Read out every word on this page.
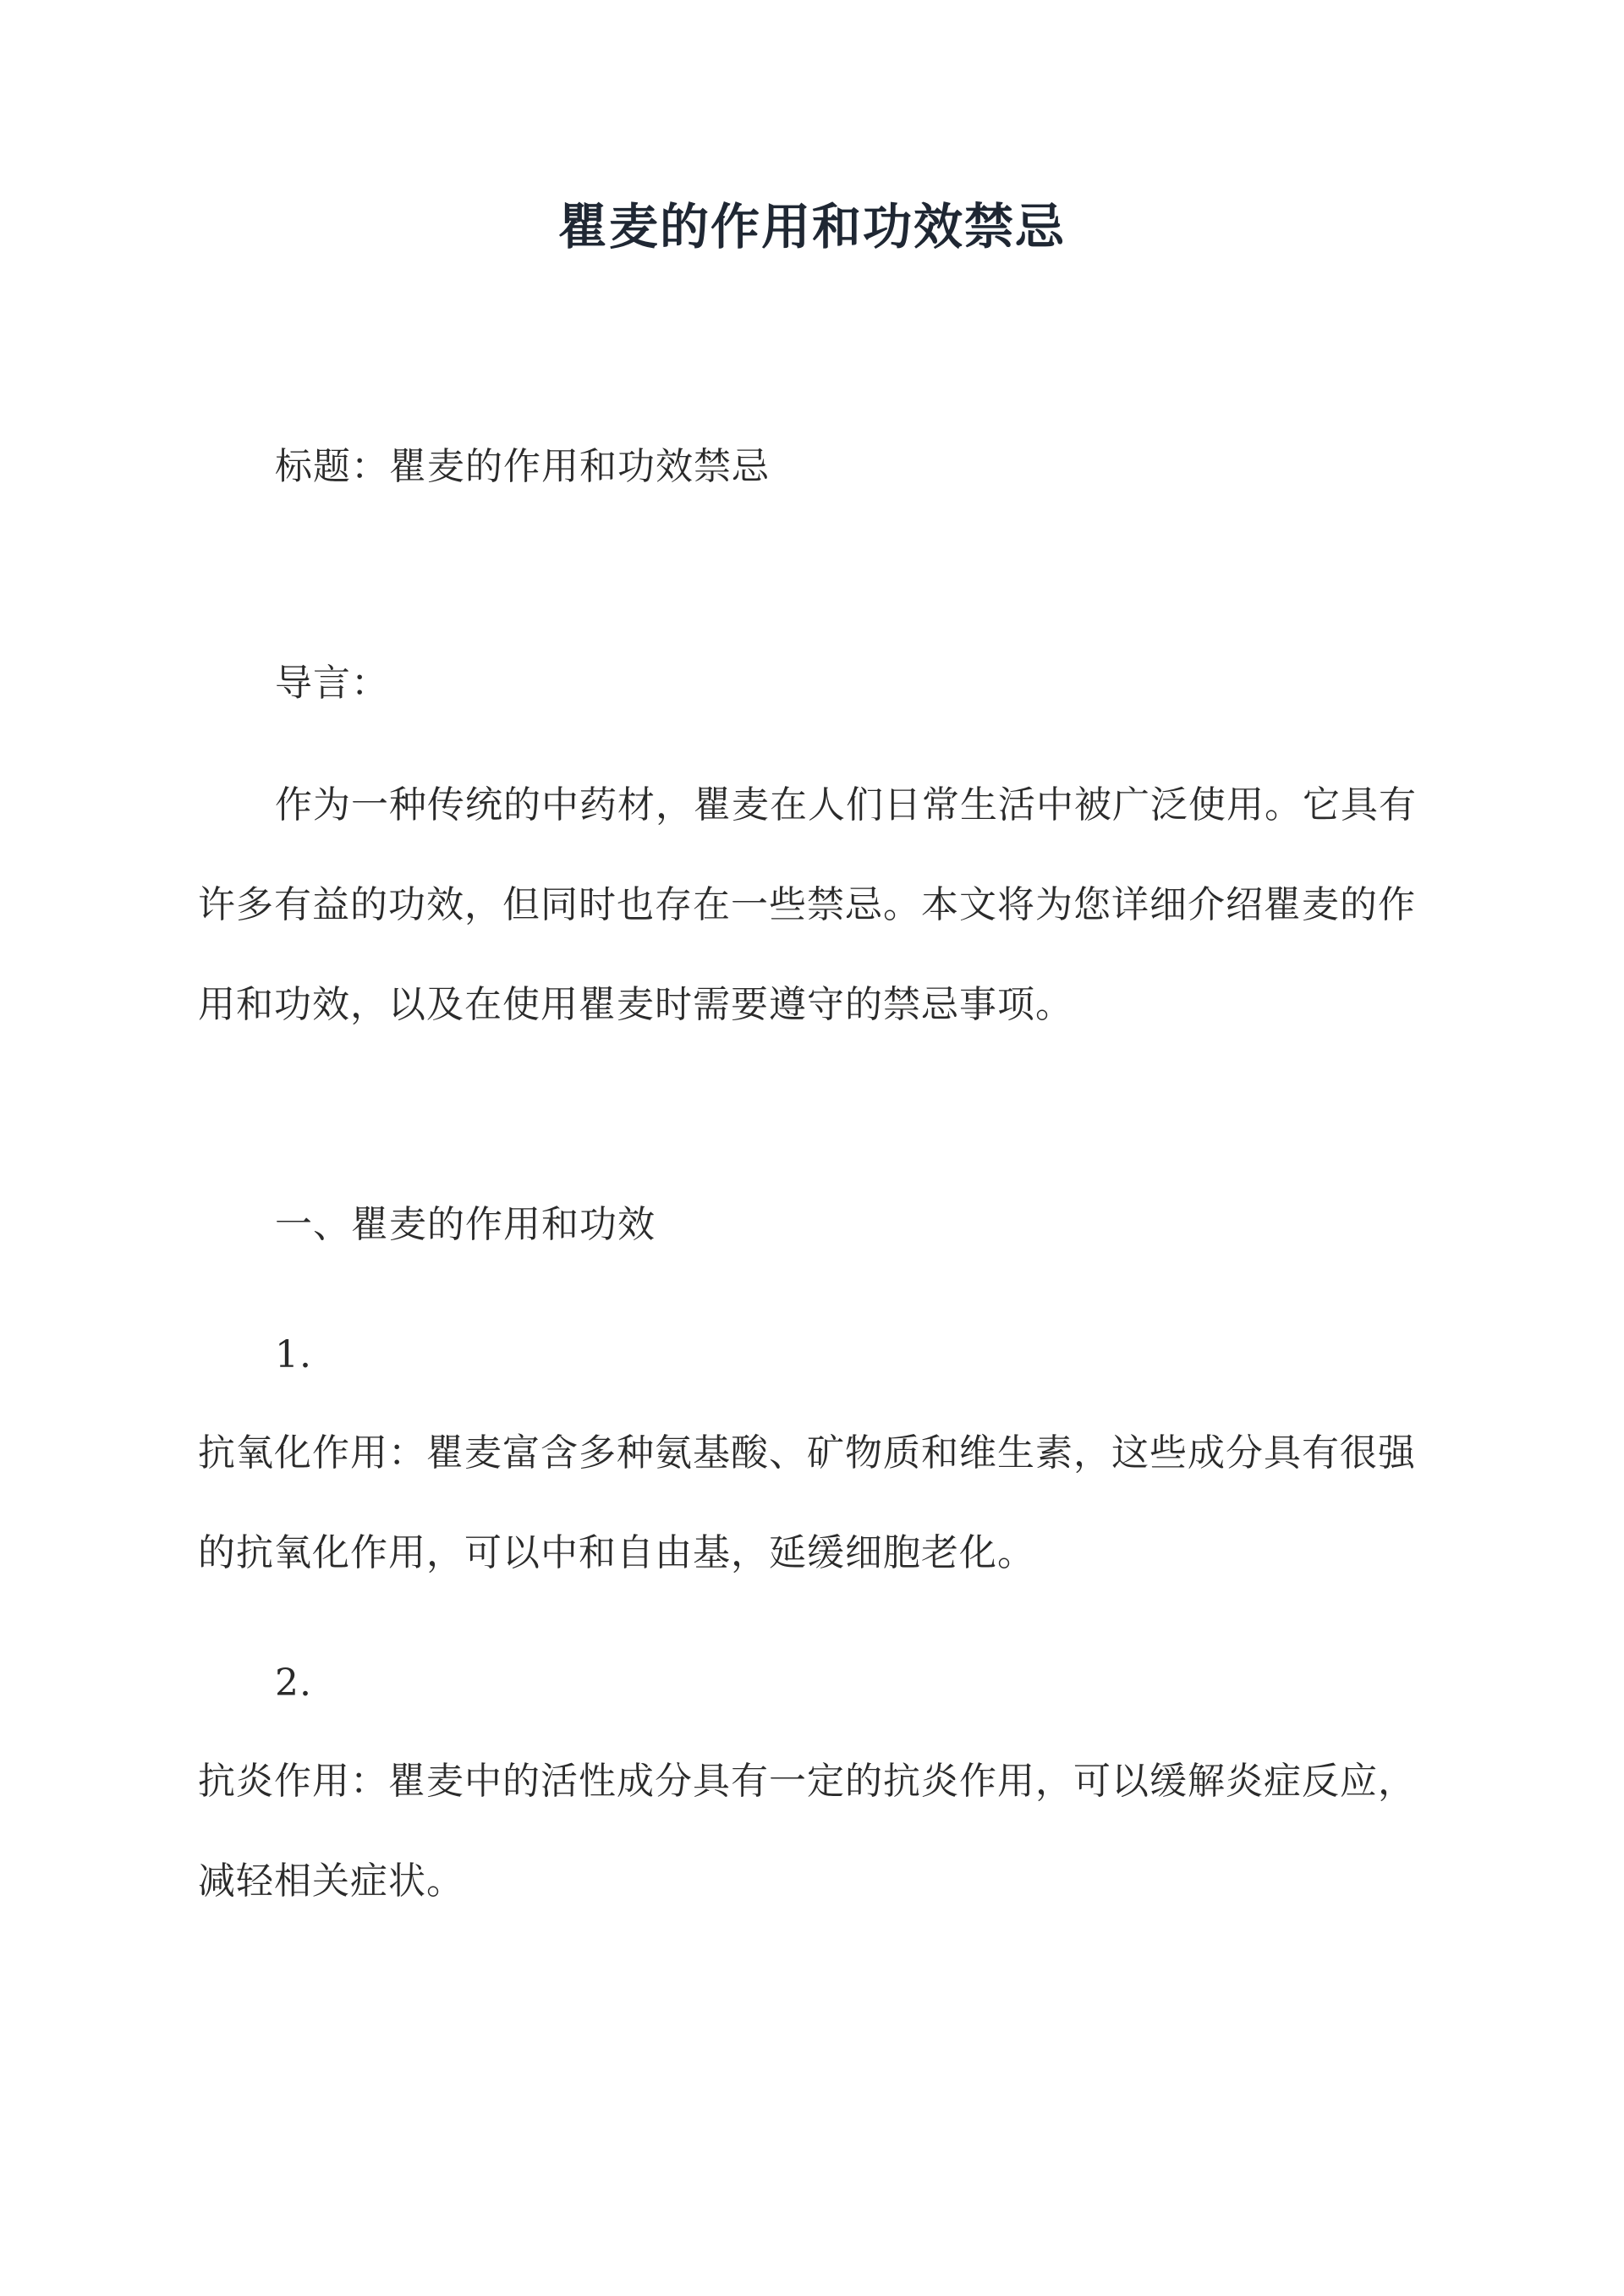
瞿麦的作用和功效禁忌

标题：瞿麦的作用和功效禁忌

导言：

作为一种传统的中药材，瞿麦在人们日常生活中被广泛使用。它具有

许多有益的功效，但同时也存在一些禁忌。本文将为您详细介绍瞿麦的作

用和功效，以及在使用瞿麦时需要遵守的禁忌事项。

一、瞿麦的作用和功效

1.

抗氧化作用：瞿麦富含多种氨基酸、矿物质和维生素，这些成分具有很强

的抗氧化作用，可以中和自由基，延缓细胞老化。

2.

抗炎作用：瞿麦中的活性成分具有一定的抗炎作用，可以缓解炎症反应，

减轻相关症状。
